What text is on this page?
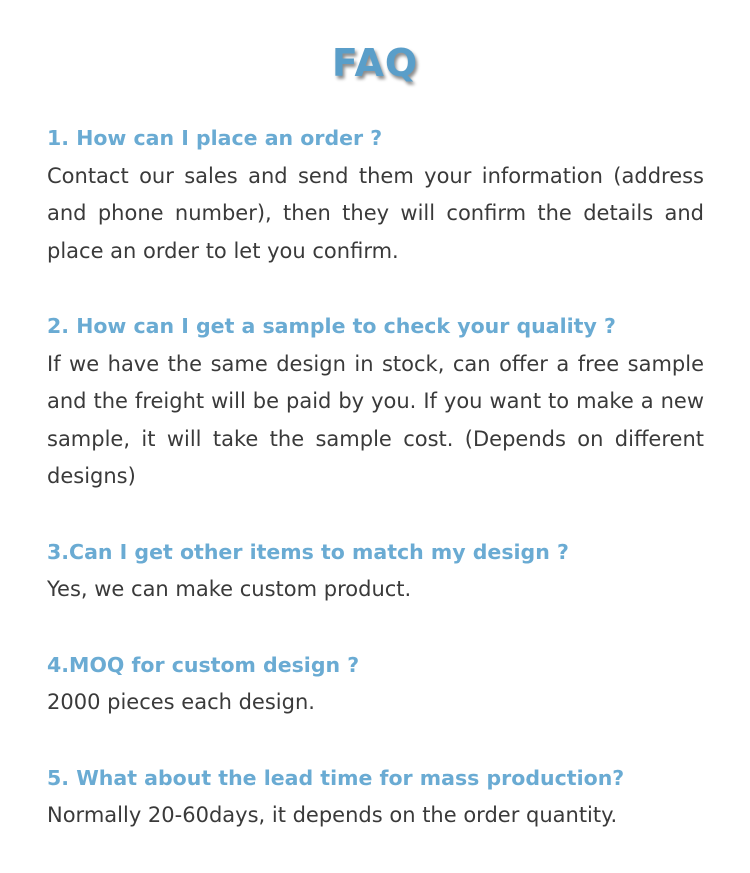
FAQ
1. How can I place an order ?
Contact our sales and send them your information (address and phone number), then they will confirm the details and place an order to let you confirm.
2. How can I get a sample to check your quality ?
If we have the same design in stock, can offer a free sample and the freight will be paid by you. If you want to make a new sample, it will take the sample cost. (Depends on different designs)
3.Can I get other items to match my design ?
Yes, we can make custom product.
4.MOQ for custom design ?
2000 pieces each design.
5. What about the lead time for mass production?
Normally 20-60days, it depends on the order quantity.
